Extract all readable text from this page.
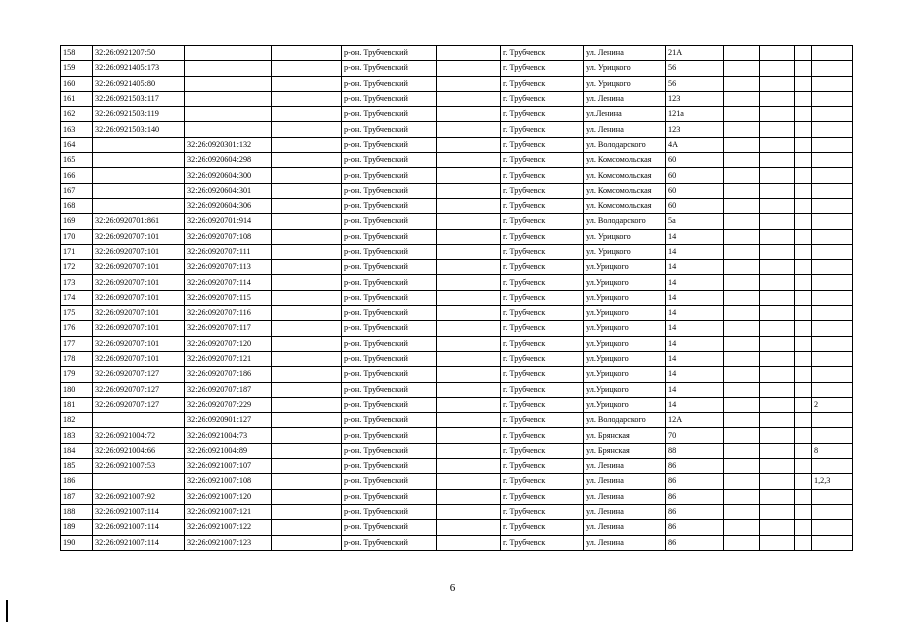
158	32:26:0921207:50			р-он. Трубчевский		г. Трубчевск	ул. Ленина	21А				
159	32:26:0921405:173			р-он. Трубчевский		г. Трубчевск	ул. Урицкого	56				
160	32:26:0921405:80			р-он. Трубчевский		г. Трубчевск	ул. Урицкого	56				
161	32:26:0921503:117			р-он. Трубчевский		г. Трубчевск	ул. Ленина	123				
162	32:26:0921503:119			р-он. Трубчевский		г. Трубчевск	ул.Ленина	121а				
163	32:26:0921503:140			р-он. Трубчевский		г. Трубчевск	ул. Ленина	123				
164		32:26:0920301:132		р-он. Трубчевский		г. Трубчевск	ул. Володарского	4А				
165		32:26:0920604:298		р-он. Трубчевский		г. Трубчевск	ул. Комсомольская	60				
166		32:26:0920604:300		р-он. Трубчевский		г. Трубчевск	ул. Комсомольская	60				
167		32:26:0920604:301		р-он. Трубчевский		г. Трубчевск	ул. Комсомольская	60				
168		32:26:0920604:306		р-он. Трубчевский		г. Трубчевск	ул. Комсомольская	60				
169	32:26:0920701:861	32:26:0920701:914		р-он. Трубчевский		г. Трубчевск	ул. Володарского	5а				
170	32:26:0920707:101	32:26:0920707:108		р-он. Трубчевский		г. Трубчевск	ул. Урицкого	14				
171	32:26:0920707:101	32:26:0920707:111		р-он. Трубчевский		г. Трубчевск	ул. Урицкого	14				
172	32:26:0920707:101	32:26:0920707:113		р-он. Трубчевский		г. Трубчевск	ул.Урицкого	14				
173	32:26:0920707:101	32:26:0920707:114		р-он. Трубчевский		г. Трубчевск	ул.Урицкого	14				
174	32:26:0920707:101	32:26:0920707:115		р-он. Трубчевский		г. Трубчевск	ул.Урицкого	14				
175	32:26:0920707:101	32:26:0920707:116		р-он. Трубчевский		г. Трубчевск	ул.Урицкого	14				
176	32:26:0920707:101	32:26:0920707:117		р-он. Трубчевский		г. Трубчевск	ул.Урицкого	14				
177	32:26:0920707:101	32:26:0920707:120		р-он. Трубчевский		г. Трубчевск	ул.Урицкого	14				
178	32:26:0920707:101	32:26:0920707:121		р-он. Трубчевский		г. Трубчевск	ул.Урицкого	14				
179	32:26:0920707:127	32:26:0920707:186		р-он. Трубчевский		г. Трубчевск	ул.Урицкого	14				
180	32:26:0920707:127	32:26:0920707:187		р-он. Трубчевский		г. Трубчевск	ул.Урицкого	14				
181	32:26:0920707:127	32:26:0920707:229		р-он. Трубчевский		г. Трубчевск	ул.Урицкого	14				2
182		32:26:0920901:127		р-он. Трубчевский		г. Трубчевск	ул. Володарского	12А				
183	32:26:0921004:72	32:26:0921004:73		р-он. Трубчевский		г. Трубчевск	ул. Брянская	70				
184	32:26:0921004:66	32:26:0921004:89		р-он. Трубчевский		г. Трубчевск	ул. Брянская	88				8
185	32:26:0921007:53	32:26:0921007:107		р-он. Трубчевский		г. Трубчевск	ул. Ленина	86				
186		32:26:0921007:108		р-он. Трубчевский		г. Трубчевск	ул. Ленина	86				1,2,3
187	32:26:0921007:92	32:26:0921007:120		р-он. Трубчевский		г. Трубчевск	ул. Ленина	86				
188	32:26:0921007:114	32:26:0921007:121		р-он. Трубчевский		г. Трубчевск	ул. Ленина	86				
189	32:26:0921007:114	32:26:0921007:122		р-он. Трубчевский		г. Трубчевск	ул. Ленина	86				
190	32:26:0921007:114	32:26:0921007:123		р-он. Трубчевский		г. Трубчевск	ул. Ленина	86				
6
